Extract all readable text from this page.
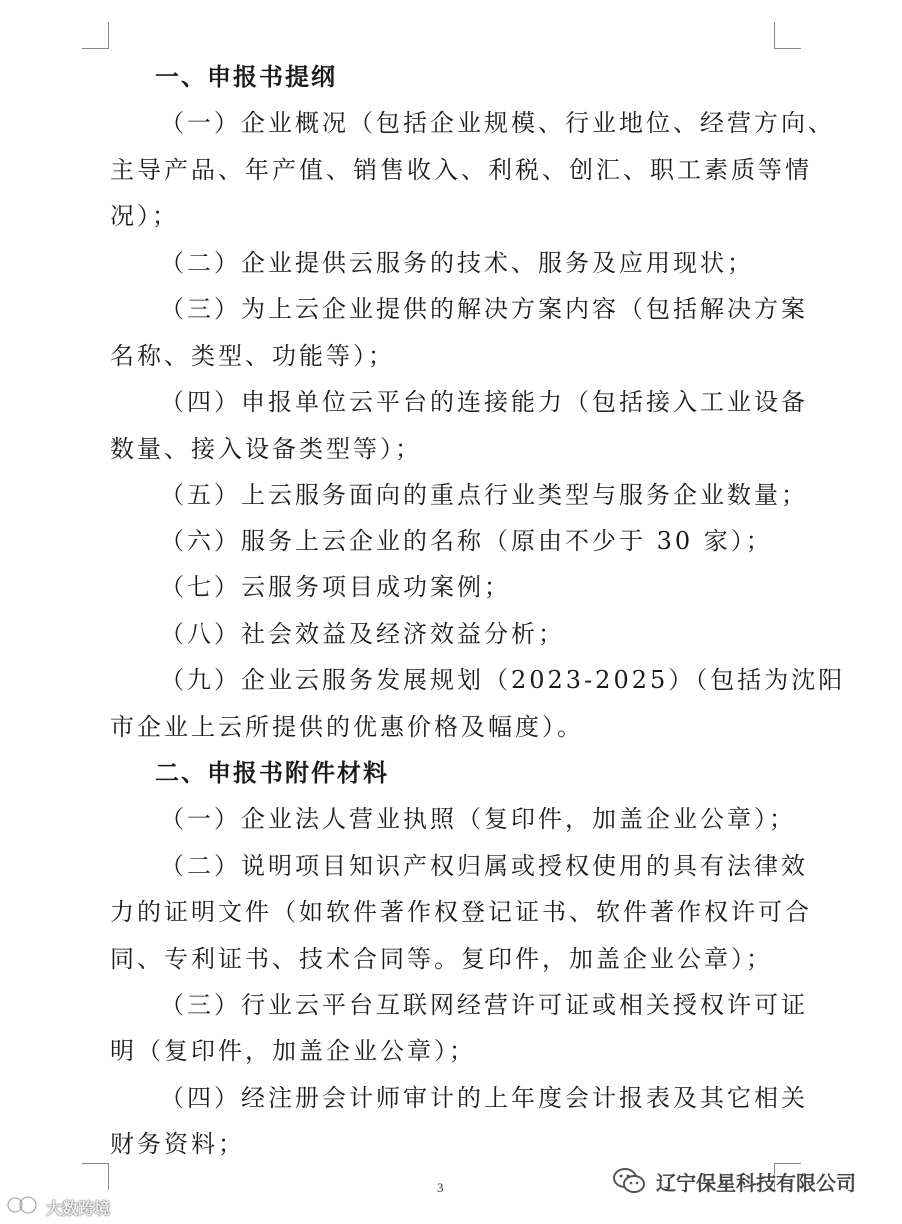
一、申报书提纲
（一）企业概况（包括企业规模、行业地位、经营方向、
主导产品、年产值、销售收入、利税、创汇、职工素质等情
况）；
（二）企业提供云服务的技术、服务及应用现状；
（三）为上云企业提供的解决方案内容（包括解决方案
名称、类型、功能等）；
（四）申报单位云平台的连接能力（包括接入工业设备
数量、接入设备类型等）；
（五）上云服务面向的重点行业类型与服务企业数量；
（六）服务上云企业的名称（原由不少于 30 家）；
（七）云服务项目成功案例；
（八）社会效益及经济效益分析；
（九）企业云服务发展规划（2023-2025）（包括为沈阳
市企业上云所提供的优惠价格及幅度）。
二、申报书附件材料
（一）企业法人营业执照（复印件，加盖企业公章）；
（二）说明项目知识产权归属或授权使用的具有法律效
力的证明文件（如软件著作权登记证书、软件著作权许可合
同、专利证书、技术合同等。复印件，加盖企业公章）；
（三）行业云平台互联网经营许可证或相关授权许可证
明（复印件，加盖企业公章）；
（四）经注册会计师审计的上年度会计报表及其它相关
财务资料；
3	辽宁保星科技有限公司
大数跨境
